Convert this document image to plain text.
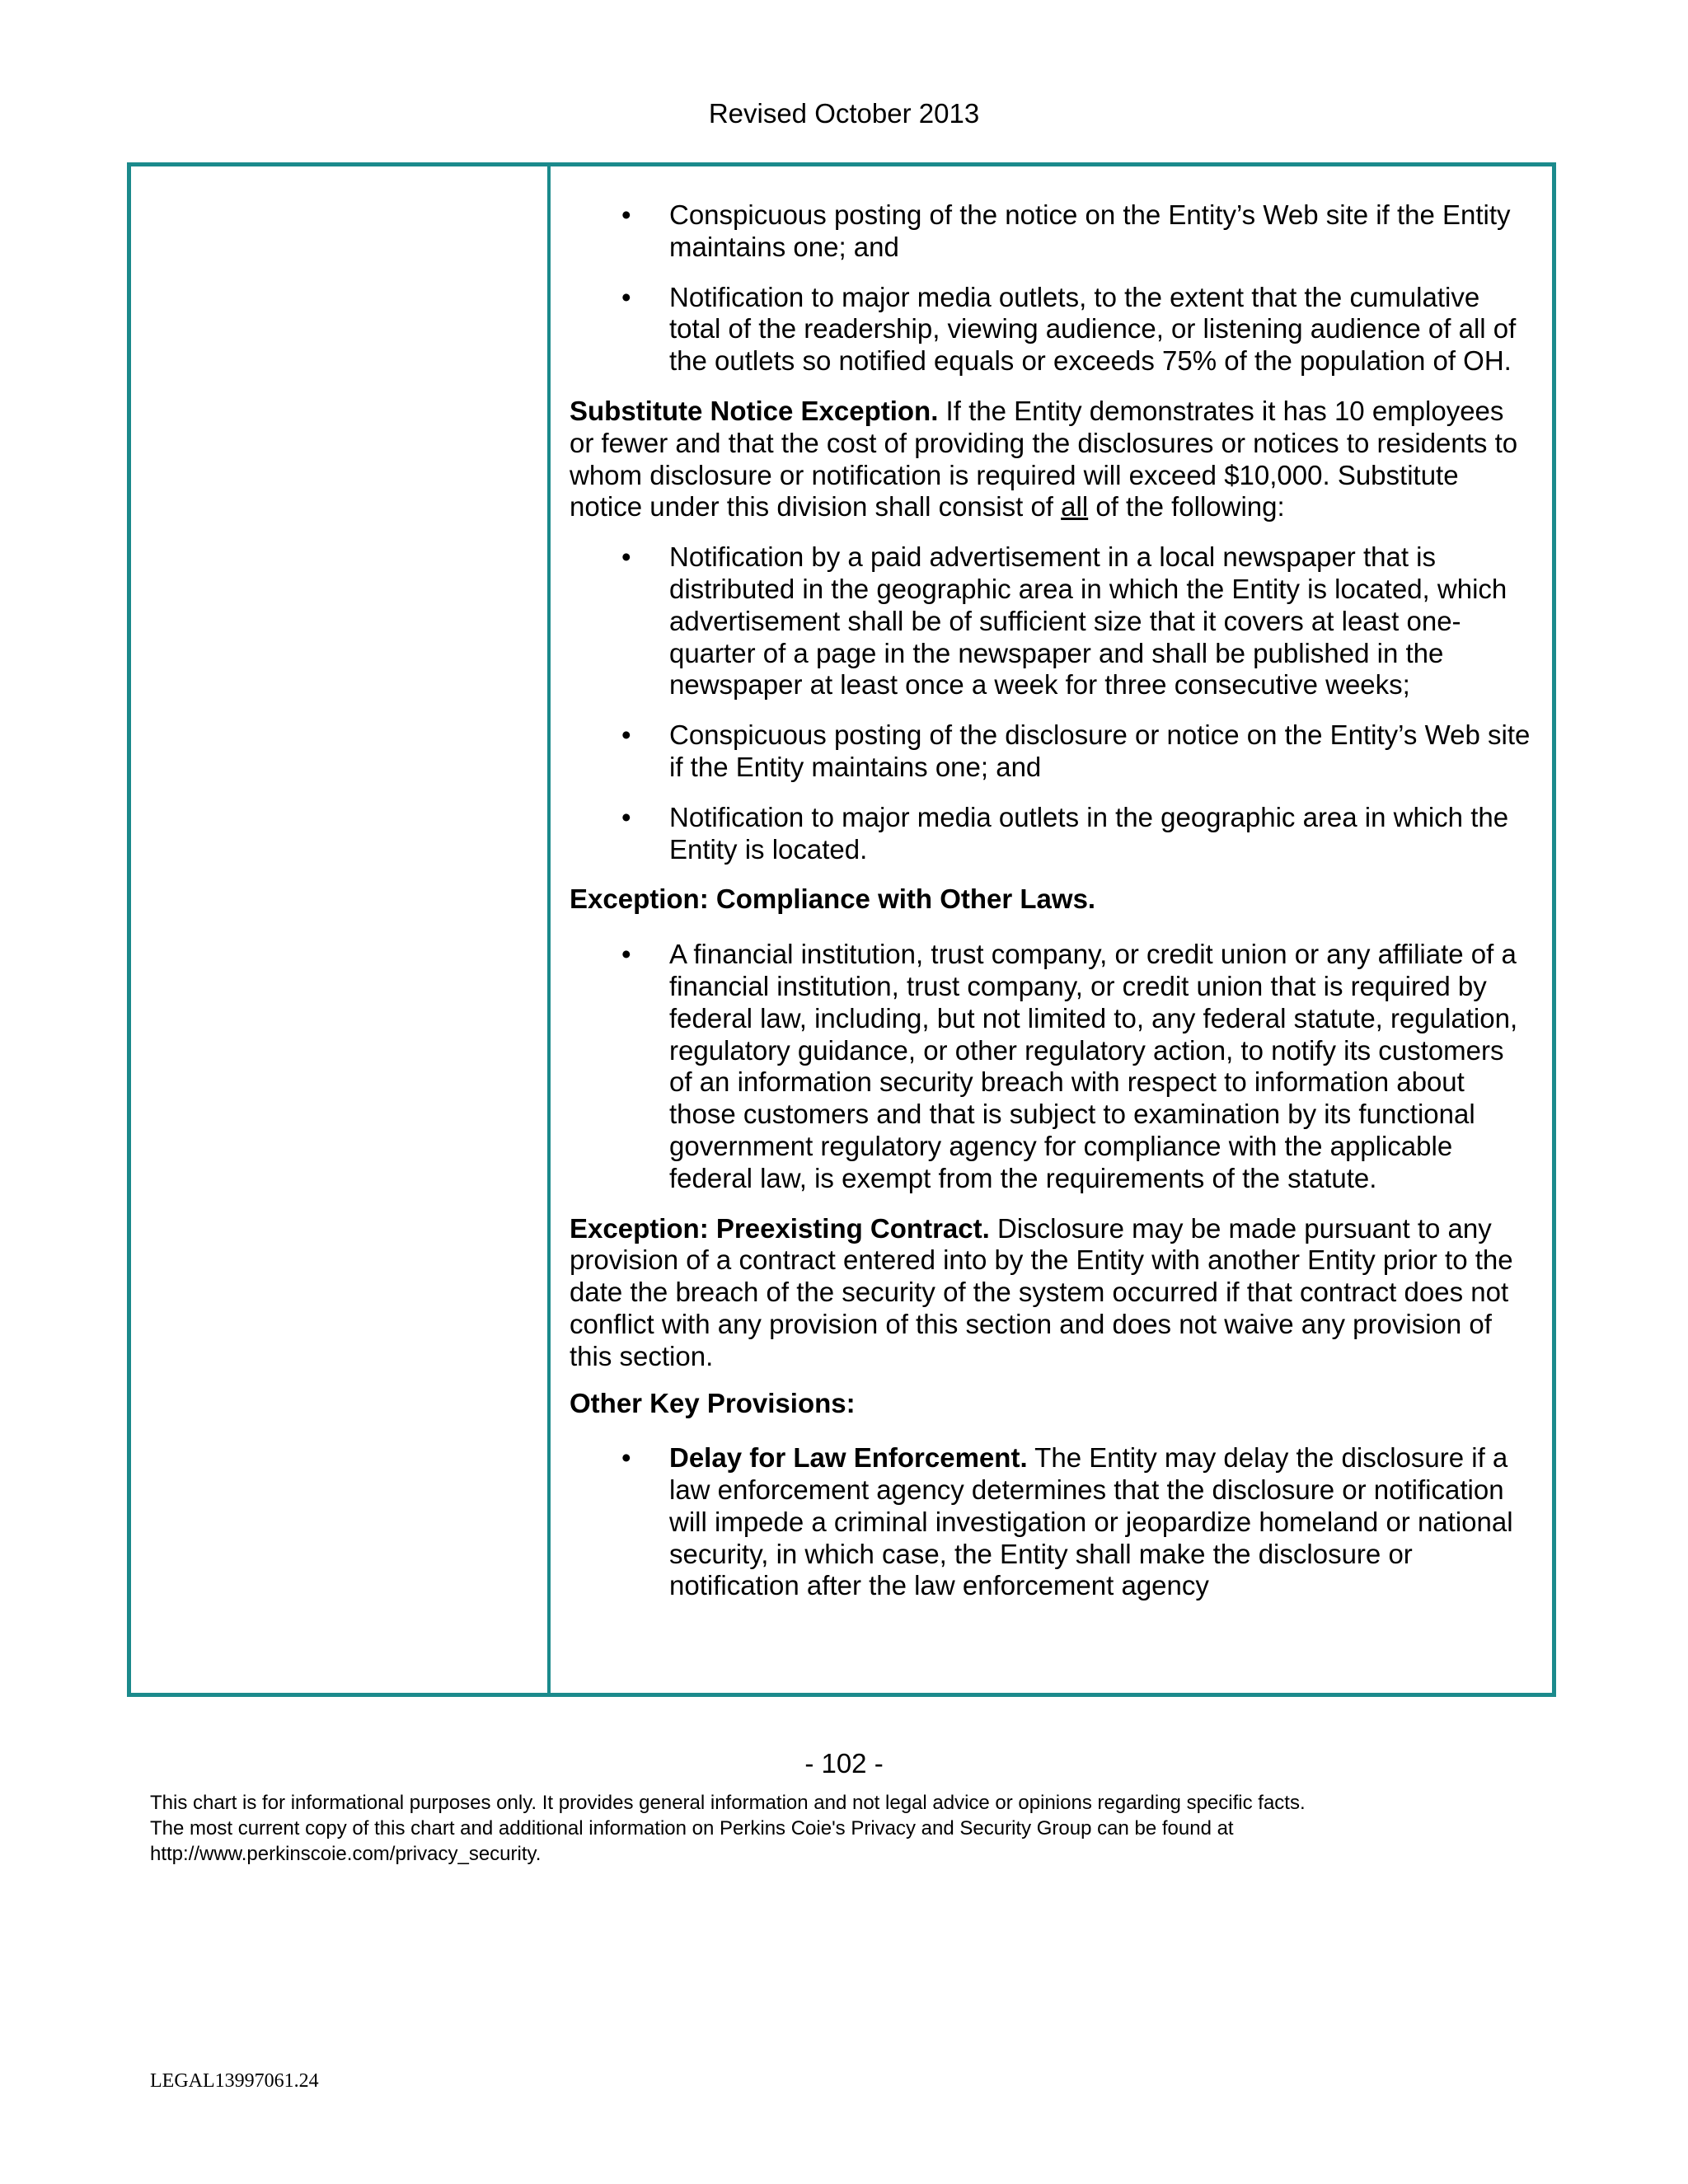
Revised October 2013
• Conspicuous posting of the notice on the Entity’s Web site if the Entity maintains one; and
• Notification to major media outlets, to the extent that the cumulative total of the readership, viewing audience, or listening audience of all of the outlets so notified equals or exceeds 75% of the population of OH.

Substitute Notice Exception. If the Entity demonstrates it has 10 employees or fewer and that the cost of providing the disclosures or notices to residents to whom disclosure or notification is required will exceed $10,000. Substitute notice under this division shall consist of all of the following:

• Notification by a paid advertisement in a local newspaper that is distributed in the geographic area in which the Entity is located, which advertisement shall be of sufficient size that it covers at least one-quarter of a page in the newspaper and shall be published in the newspaper at least once a week for three consecutive weeks;
• Conspicuous posting of the disclosure or notice on the Entity’s Web site if the Entity maintains one; and
• Notification to major media outlets in the geographic area in which the Entity is located.

Exception: Compliance with Other Laws.

• A financial institution, trust company, or credit union or any affiliate of a financial institution, trust company, or credit union that is required by federal law, including, but not limited to, any federal statute, regulation, regulatory guidance, or other regulatory action, to notify its customers of an information security breach with respect to information about those customers and that is subject to examination by its functional government regulatory agency for compliance with the applicable federal law, is exempt from the requirements of the statute.

Exception: Preexisting Contract. Disclosure may be made pursuant to any provision of a contract entered into by the Entity with another Entity prior to the date the breach of the security of the system occurred if that contract does not conflict with any provision of this section and does not waive any provision of this section.

Other Key Provisions:

• Delay for Law Enforcement. The Entity may delay the disclosure if a law enforcement agency determines that the disclosure or notification will impede a criminal investigation or jeopardize homeland or national security, in which case, the Entity shall make the disclosure or notification after the law enforcement agency
- 102 -
This chart is for informational purposes only. It provides general information and not legal advice or opinions regarding specific facts.
The most current copy of this chart and additional information on Perkins Coie's Privacy and Security Group can be found at
http://www.perkinscoie.com/privacy_security.
LEGAL13997061.24
